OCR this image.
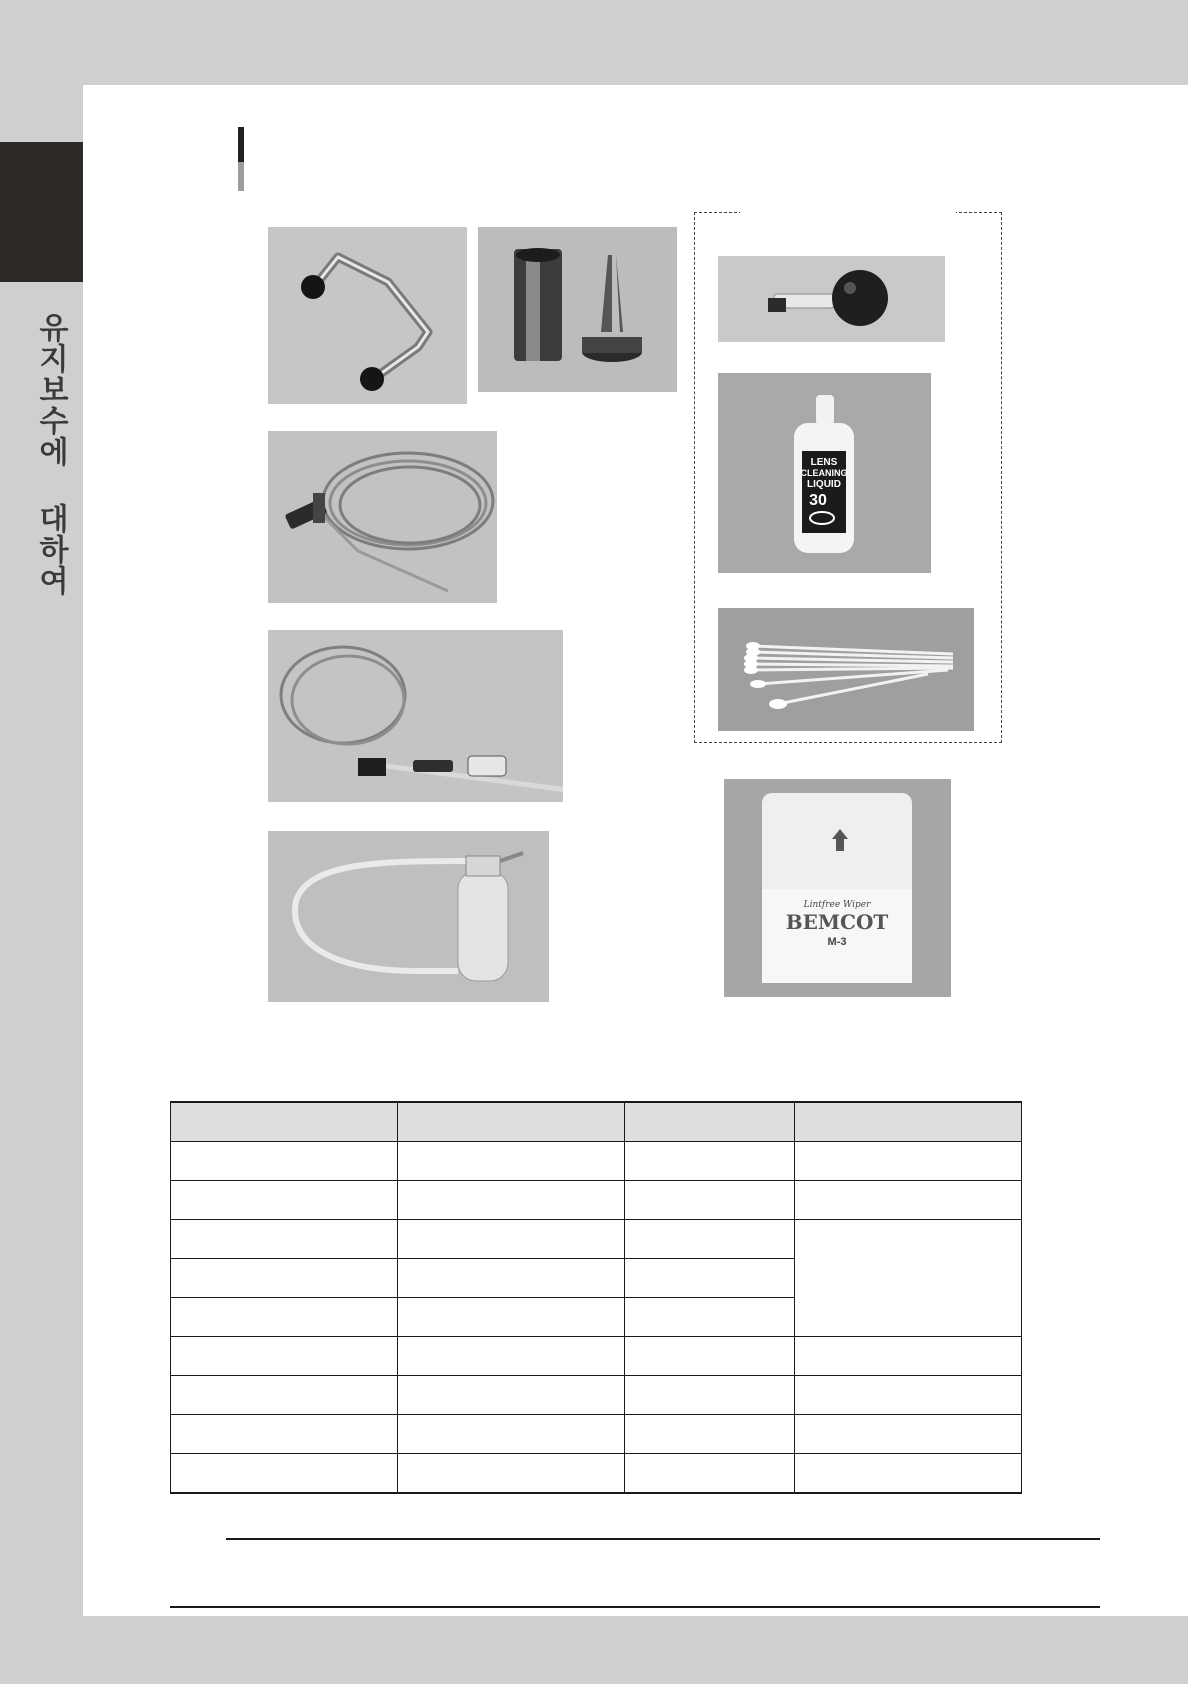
유지보수에 대하여	LENS
CLEANING
LIQUID
30
Lintfree Wiper
BEMCOT
M-3
